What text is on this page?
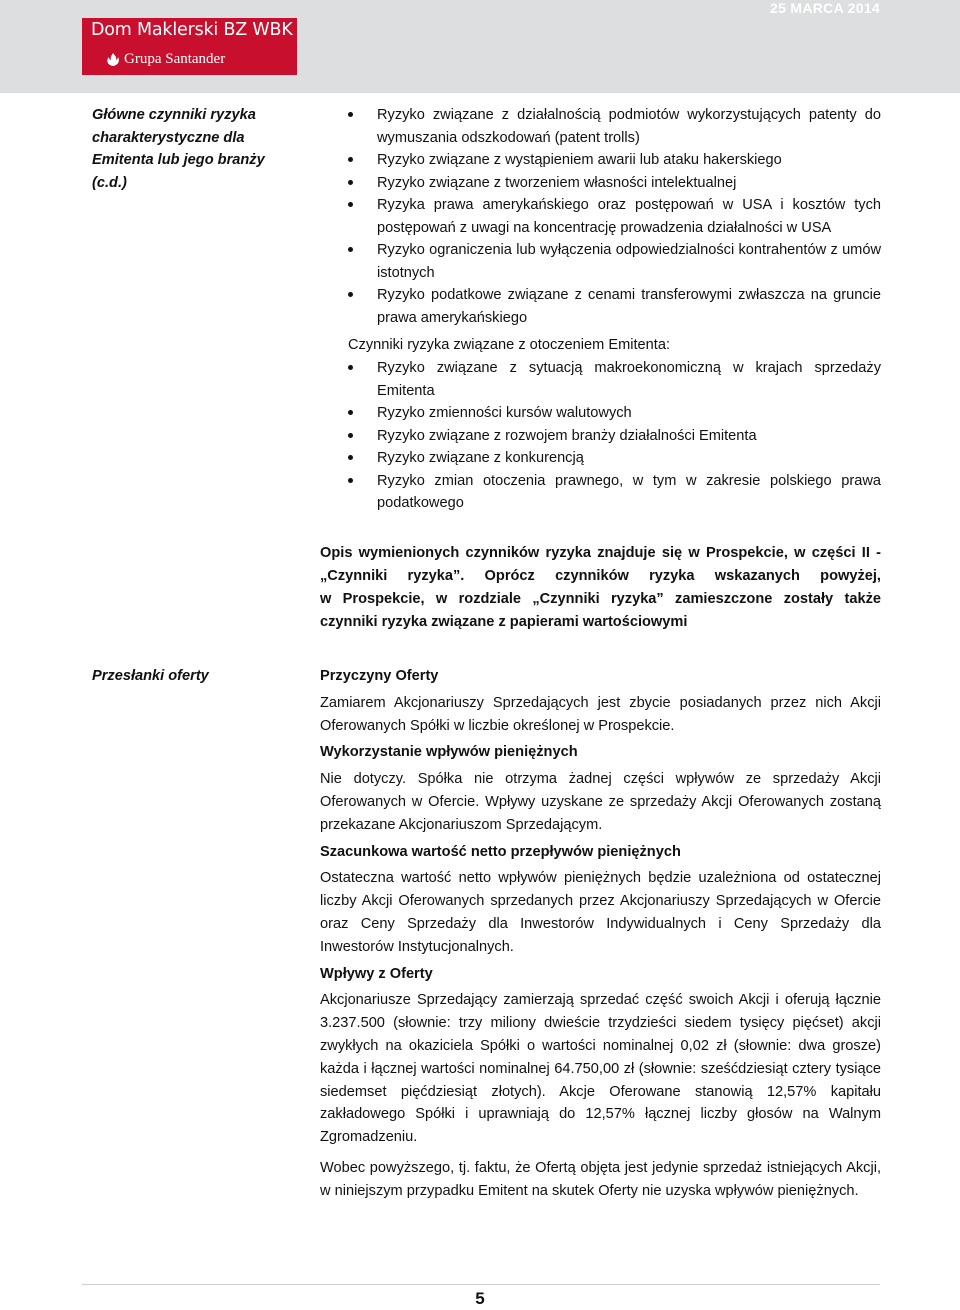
Dom Maklerski BZ WBK
Grupa Santander
25 MARCA 2014
Główne czynniki ryzyka
charakterystyczne dla
Emitenta lub jego branży
(c.d.)
Ryzyko związane z działalnością podmiotów wykorzystujących patenty do wymuszania odszkodowań (patent trolls)
Ryzyko związane z wystąpieniem awarii lub ataku hakerskiego
Ryzyko związane z tworzeniem własności intelektualnej
Ryzyka prawa amerykańskiego oraz postępowań w USA i kosztów tych postępowań z uwagi na koncentrację prowadzenia działalności w USA
Ryzyko ograniczenia lub wyłączenia odpowiedzialności kontrahentów z umów istotnych
Ryzyko podatkowe związane z cenami transferowymi zwłaszcza na gruncie prawa amerykańskiego
Czynniki ryzyka związane z otoczeniem Emitenta:
Ryzyko związane z sytuacją makroekonomiczną w krajach sprzedaży Emitenta
Ryzyko zmienności kursów walutowych
Ryzyko związane z rozwojem branży działalności Emitenta
Ryzyko związane z konkurencją
Ryzyko zmian otoczenia prawnego, w tym w zakresie polskiego prawa podatkowego

Opis wymienionych czynników ryzyka znajduje się w Prospekcie, w części II -

„Czynniki ryzyka”. Oprócz czynników ryzyka wskazanych powyżej,

w Prospekcie, w rozdziale „Czynniki ryzyka” zamieszczone zostały także

czynniki ryzyka związane z papierami wartościowymi

Przesłanki oferty	Przyczyny Oferty

Zamiarem Akcjonariuszy Sprzedających jest zbycie posiadanych przez nich Akcji Oferowanych Spółki w liczbie określonej w Prospekcie.

Wykorzystanie wpływów pieniężnych

Nie dotyczy. Spółka nie otrzyma żadnej części wpływów ze sprzedaży Akcji Oferowanych w Ofercie. Wpływy uzyskane ze sprzedaży Akcji Oferowanych zostaną przekazane Akcjonariuszom Sprzedającym.

Szacunkowa wartość netto przepływów pieniężnych

Ostateczna wartość netto wpływów pieniężnych będzie uzależniona od ostatecznej liczby Akcji Oferowanych sprzedanych przez Akcjonariuszy Sprzedających w Ofercie oraz Ceny Sprzedaży dla Inwestorów Indywidualnych i Ceny Sprzedaży dla Inwestorów Instytucjonalnych.

Wpływy z Oferty

Akcjonariusze Sprzedający zamierzają sprzedać część swoich Akcji i oferują łącznie 3.237.500 (słownie: trzy miliony dwieście trzydzieści siedem tysięcy pięćset) akcji zwykłych na okaziciela Spółki o wartości nominalnej 0,02 zł (słownie: dwa grosze) każda i łącznej wartości nominalnej 64.750,00 zł (słownie: sześćdziesiąt cztery tysiące siedemset pięćdziesiąt złotych). Akcje Oferowane stanowią 12,57% kapitału zakładowego Spółki i uprawniają do 12,57% łącznej liczby głosów na Walnym Zgromadzeniu.

Wobec powyższego, tj. faktu, że Ofertą objęta jest jedynie sprzedaż istniejących Akcji, w niniejszym przypadku Emitent na skutek Oferty nie uzyska wpływów pieniężnych.

5
